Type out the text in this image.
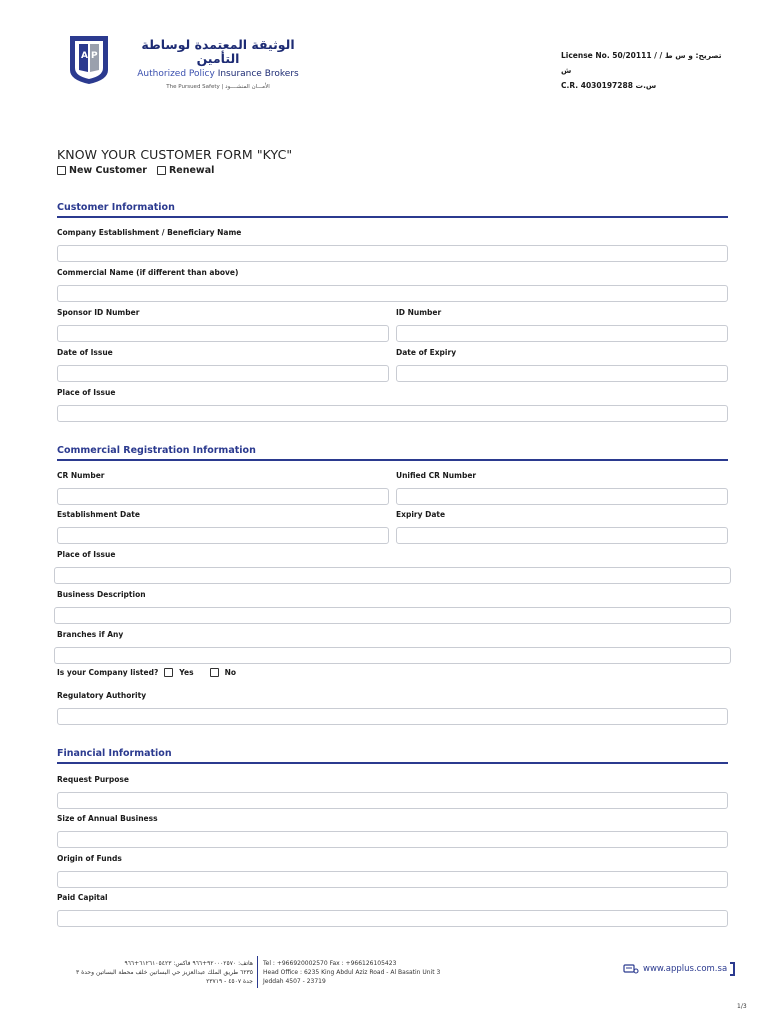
A P
الوثيقة المعتمدة لوساطة التأمين
Authorized Policy Insurance Brokers
The Pursued Safety | الأمـــان المنشــــود
License No. 50/20111 / تصريح: و س ط / ش
C.R. 4030197288 س.ت
KNOW YOUR CUSTOMER FORM "KYC"
New Customer Renewal
Customer Information
Company Establishment / Beneficiary Name
Commercial Name (if different than above)
Sponsor ID Number	ID Number
Date of Issue	Date of Expiry
Place of Issue
Commercial Registration Information
CR Number	Unified CR Number
Establishment Date	Expiry Date
Place of Issue
Business Description
Branches if Any
Is your Company listed?	Yes	No
Regulatory Authority
Financial Information
Request Purpose
Size of Annual Business
Origin of Funds
Paid Capital
هاتف: ٩٢٠٠٠٢٥٧٠+٩٦٦ فاكس: ٦١٢٦١٠٥٤٢٣+٩٦٦
٦٢٣٥ طريق الملك عبدالعزيز حي البساتين خلف محطة البساتين وحدة ٣
جدة ٤٥٠٧ - ٢٣٧١٩
Tel : +966920002570 Fax : +966126105423
Head Office : 6235 King Abdul Aziz Road - Al Basatin Unit 3
Jeddah 4507 - 23719
www.applus.com.sa
1/3
